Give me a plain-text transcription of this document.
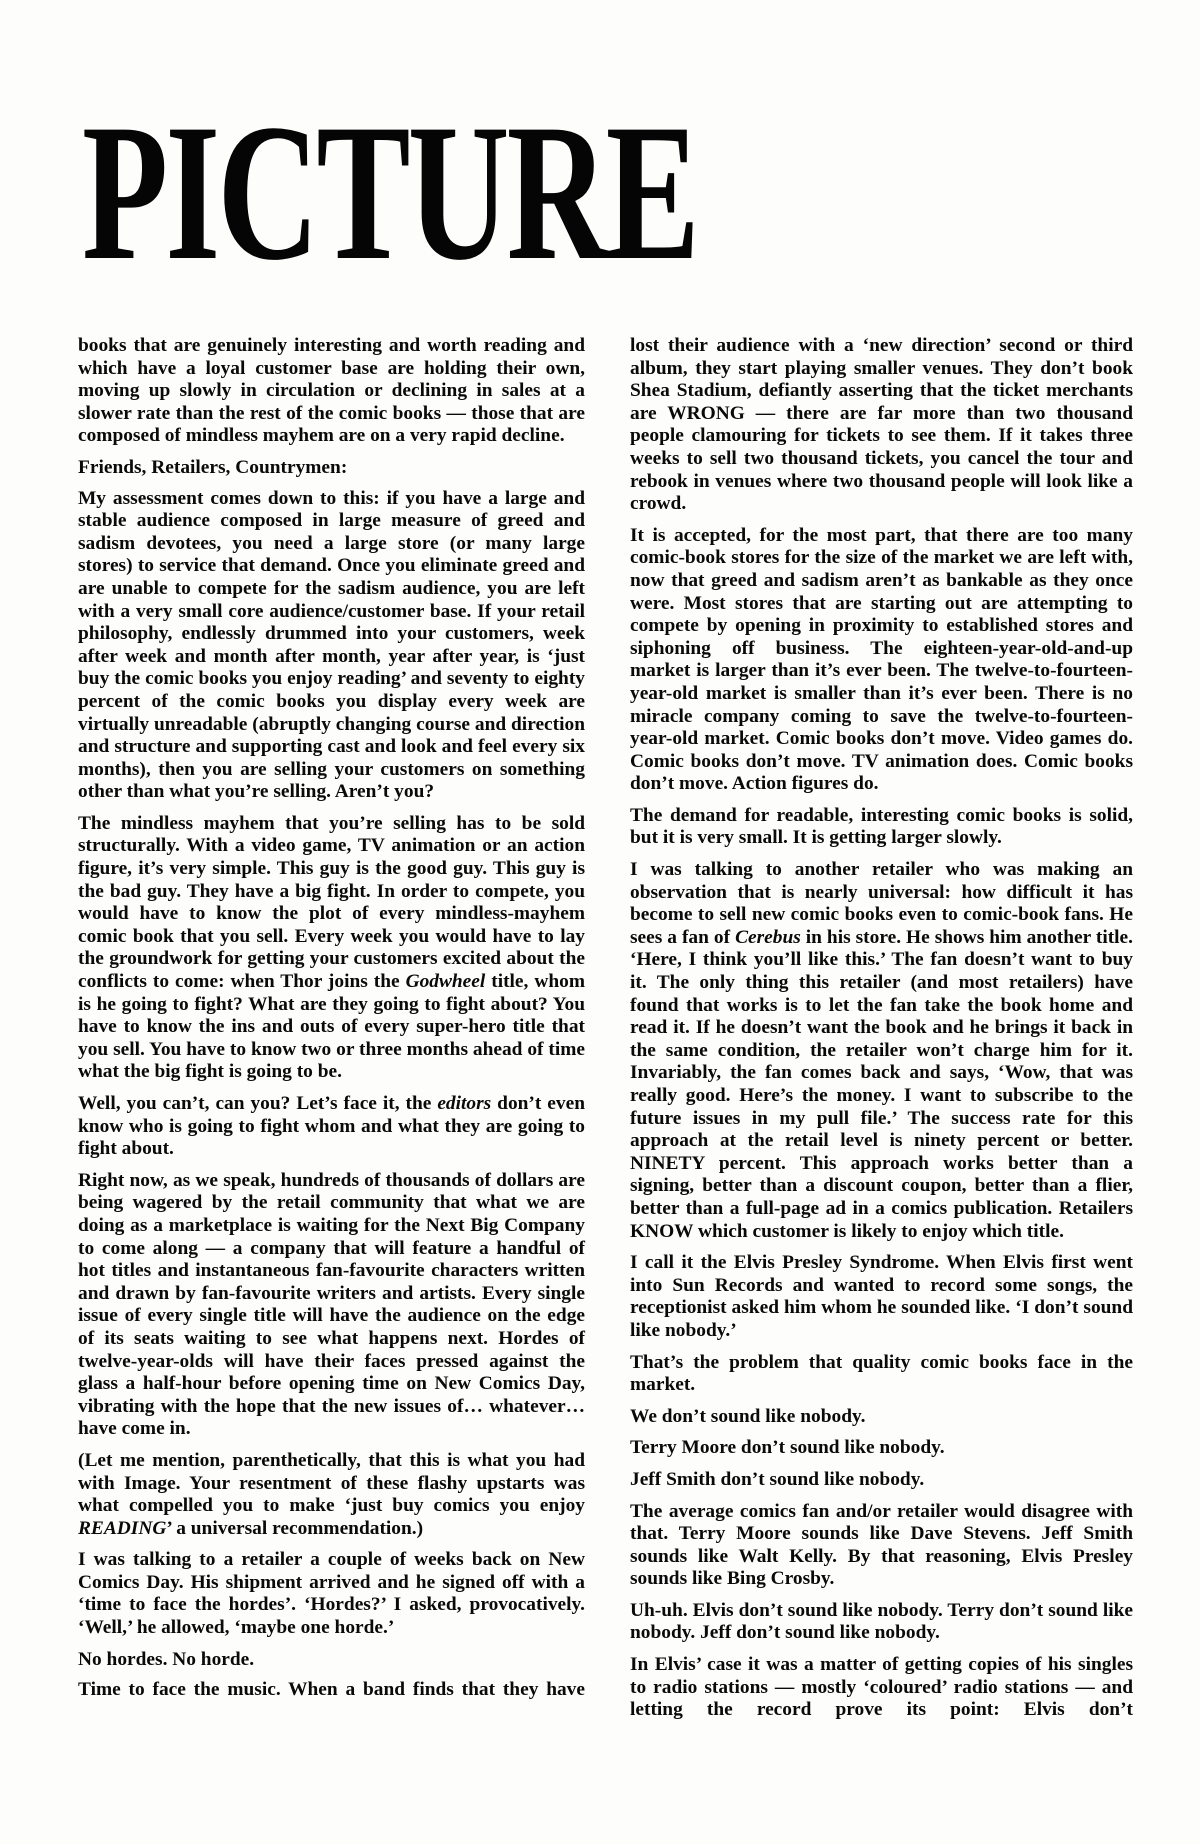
PICTURE

books that are genuinely interesting and worth reading and which have a loyal customer base are holding their own, moving up slowly in circulation or declining in sales at a slower rate than the rest of the comic books — those that are composed of mindless mayhem are on a very rapid decline.

Friends, Retailers, Countrymen:

My assessment comes down to this: if you have a large and stable audience composed in large measure of greed and sadism devotees, you need a large store (or many large stores) to service that demand. Once you eliminate greed and are unable to compete for the sadism audience, you are left with a very small core audience/customer base. If your retail philosophy, endlessly drummed into your customers, week after week and month after month, year after year, is ‘just buy the comic books you enjoy reading’ and seventy to eighty percent of the comic books you display every week are virtually unreadable (abruptly changing course and direction and structure and supporting cast and look and feel every six months), then you are selling your customers on something other than what you’re selling. Aren’t you?

The mindless mayhem that you’re selling has to be sold structurally. With a video game, TV animation or an action figure, it’s very simple. This guy is the good guy. This guy is the bad guy. They have a big fight. In order to compete, you would have to know the plot of every mindless-mayhem comic book that you sell. Every week you would have to lay the groundwork for getting your customers excited about the conflicts to come: when Thor joins the Godwheel title, whom is he going to fight? What are they going to fight about? You have to know the ins and outs of every super-hero title that you sell. You have to know two or three months ahead of time what the big fight is going to be.

Well, you can’t, can you? Let’s face it, the editors don’t even know who is going to fight whom and what they are going to fight about.

Right now, as we speak, hundreds of thousands of dollars are being wagered by the retail community that what we are doing as a marketplace is waiting for the Next Big Company to come along — a company that will feature a handful of hot titles and instantaneous fan-favourite characters written and drawn by fan-favourite writers and artists. Every single issue of every single title will have the audience on the edge of its seats waiting to see what happens next. Hordes of twelve-year-olds will have their faces pressed against the glass a half-hour before opening time on New Comics Day, vibrating with the hope that the new issues of… whatever… have come in.

(Let me mention, parenthetically, that this is what you had with Image. Your resentment of these flashy upstarts was what compelled you to make ‘just buy comics you enjoy READING’ a universal recommendation.)

I was talking to a retailer a couple of weeks back on New Comics Day. His shipment arrived and he signed off with a ‘time to face the hordes’. ‘Hordes?’ I asked, provocatively. ‘Well,’ he allowed, ‘maybe one horde.’

No hordes. No horde.

Time to face the music. When a band finds that they have

lost their audience with a ‘new direction’ second or third album, they start playing smaller venues. They don’t book Shea Stadium, defiantly asserting that the ticket merchants are WRONG — there are far more than two thousand people clamouring for tickets to see them. If it takes three weeks to sell two thousand tickets, you cancel the tour and rebook in venues where two thousand people will look like a crowd.

It is accepted, for the most part, that there are too many comic-book stores for the size of the market we are left with, now that greed and sadism aren’t as bankable as they once were. Most stores that are starting out are attempting to compete by opening in proximity to established stores and siphoning off business. The eighteen-year-old-and-up market is larger than it’s ever been. The twelve-to-fourteen-year-old market is smaller than it’s ever been. There is no miracle company coming to save the twelve-to-fourteen-year-old market. Comic books don’t move. Video games do. Comic books don’t move. TV animation does. Comic books don’t move. Action figures do.

The demand for readable, interesting comic books is solid, but it is very small. It is getting larger slowly.

I was talking to another retailer who was making an observation that is nearly universal: how difficult it has become to sell new comic books even to comic-book fans. He sees a fan of Cerebus in his store. He shows him another title. ‘Here, I think you’ll like this.’ The fan doesn’t want to buy it. The only thing this retailer (and most retailers) have found that works is to let the fan take the book home and read it. If he doesn’t want the book and he brings it back in the same condition, the retailer won’t charge him for it. Invariably, the fan comes back and says, ‘Wow, that was really good. Here’s the money. I want to subscribe to the future issues in my pull file.’ The success rate for this approach at the retail level is ninety percent or better. NINETY percent. This approach works better than a signing, better than a discount coupon, better than a flier, better than a full-page ad in a comics publication. Retailers KNOW which customer is likely to enjoy which title.

I call it the Elvis Presley Syndrome. When Elvis first went into Sun Records and wanted to record some songs, the receptionist asked him whom he sounded like. ‘I don’t sound like nobody.’

That’s the problem that quality comic books face in the market.

We don’t sound like nobody.

Terry Moore don’t sound like nobody.

Jeff Smith don’t sound like nobody.

The average comics fan and/or retailer would disagree with that. Terry Moore sounds like Dave Stevens. Jeff Smith sounds like Walt Kelly. By that reasoning, Elvis Presley sounds like Bing Crosby.

Uh-uh. Elvis don’t sound like nobody. Terry don’t sound like nobody. Jeff don’t sound like nobody.

In Elvis’ case it was a matter of getting copies of his singles to radio stations — mostly ‘coloured’ radio stations — and letting the record prove its point: Elvis don’t
